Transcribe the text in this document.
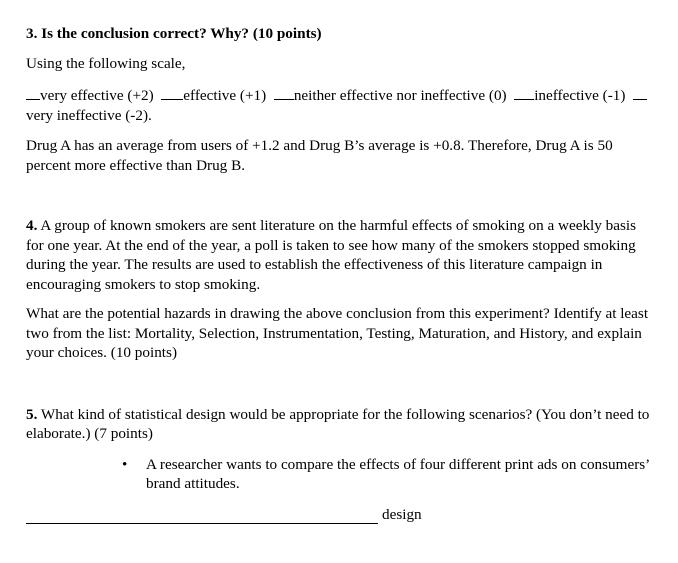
3. Is the conclusion correct? Why? (10 points)

Using the following scale,

very effective (+2) effective (+1) neither effective nor ineffective (0) ineffective (-1)  very ineffective (-2).

Drug A has an average from users of +1.2 and Drug B’s average is +0.8. Therefore, Drug A is 50 percent more effective than Drug B.

4. A group of known smokers are sent literature on the harmful effects of smoking on a weekly basis for one year. At the end of the year, a poll is taken to see how many of the smokers stopped smoking during the year. The results are used to establish the effectiveness of this literature campaign in encouraging smokers to stop smoking.

What are the potential hazards in drawing the above conclusion from this experiment? Identify at least two from the list: Mortality, Selection, Instrumentation, Testing, Maturation, and History, and explain your choices. (10 points)

5. What kind of statistical design would be appropriate for the following scenarios? (You don’t need to elaborate.) (7 points)

• A researcher wants to compare the effects of four different print ads on consumers’ brand attitudes.
design
